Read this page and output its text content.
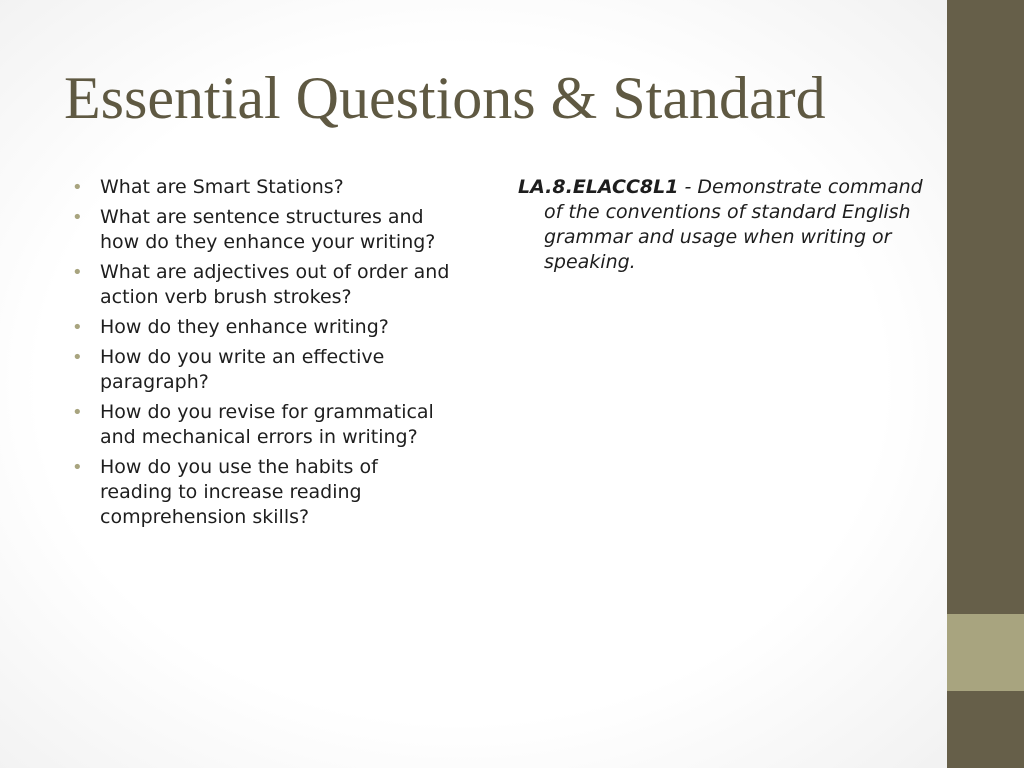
Essential Questions & Standard
• What are Smart Stations?
• What are sentence structures and how do they enhance your writing?
• What are adjectives out of order and action verb brush strokes?
• How do they enhance writing?
• How do you write an effective paragraph?
• How do you revise for grammatical and mechanical errors in writing?
• How do you use the habits of reading to increase reading comprehension skills?
LA.8.ELACC8L1 - Demonstrate command of the conventions of standard English grammar and usage when writing or speaking.
